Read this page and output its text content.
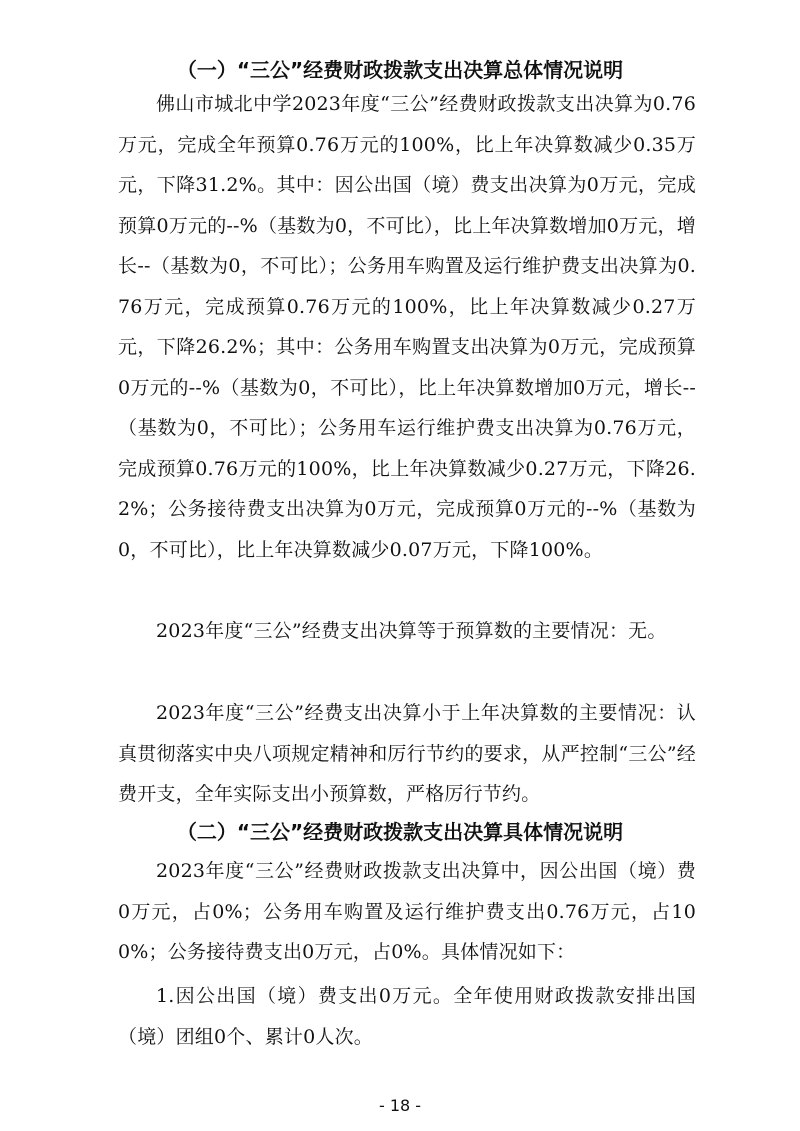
（一）“三公”经费财政拨款支出决算总体情况说明

佛山市城北中学2023年度“三公”经费财政拨款支出决算为0.76万元，完成全年预算0.76万元的100%，比上年决算数减少0.35万元，下降31.2%。其中：因公出国（境）费支出决算为0万元，完成预算0万元的--%（基数为0，不可比），比上年决算数增加0万元，增长--（基数为0，不可比）；公务用车购置及运行维护费支出决算为0.76万元，完成预算0.76万元的100%，比上年决算数减少0.27万元，下降26.2%；其中：公务用车购置支出决算为0万元，完成预算0万元的--%（基数为0，不可比），比上年决算数增加0万元，增长--（基数为0，不可比）；公务用车运行维护费支出决算为0.76万元，完成预算0.76万元的100%，比上年决算数减少0.27万元，下降26.2%；公务接待费支出决算为0万元，完成预算0万元的--%（基数为0，不可比），比上年决算数减少0.07万元，下降100%。

2023年度“三公”经费支出决算等于预算数的主要情况：无。

2023年度“三公”经费支出决算小于上年决算数的主要情况：认真贯彻落实中央八项规定精神和厉行节约的要求，从严控制“三公”经费开支，全年实际支出小预算数，严格厉行节约。

（二）“三公”经费财政拨款支出决算具体情况说明

2023年度“三公”经费财政拨款支出决算中，因公出国（境）费0万元，占0%；公务用车购置及运行维护费支出0.76万元，占100%；公务接待费支出0万元，占0%。具体情况如下：

1.因公出国（境）费支出0万元。全年使用财政拨款安排出国（境）团组0个、累计0人次。

- 18 -
